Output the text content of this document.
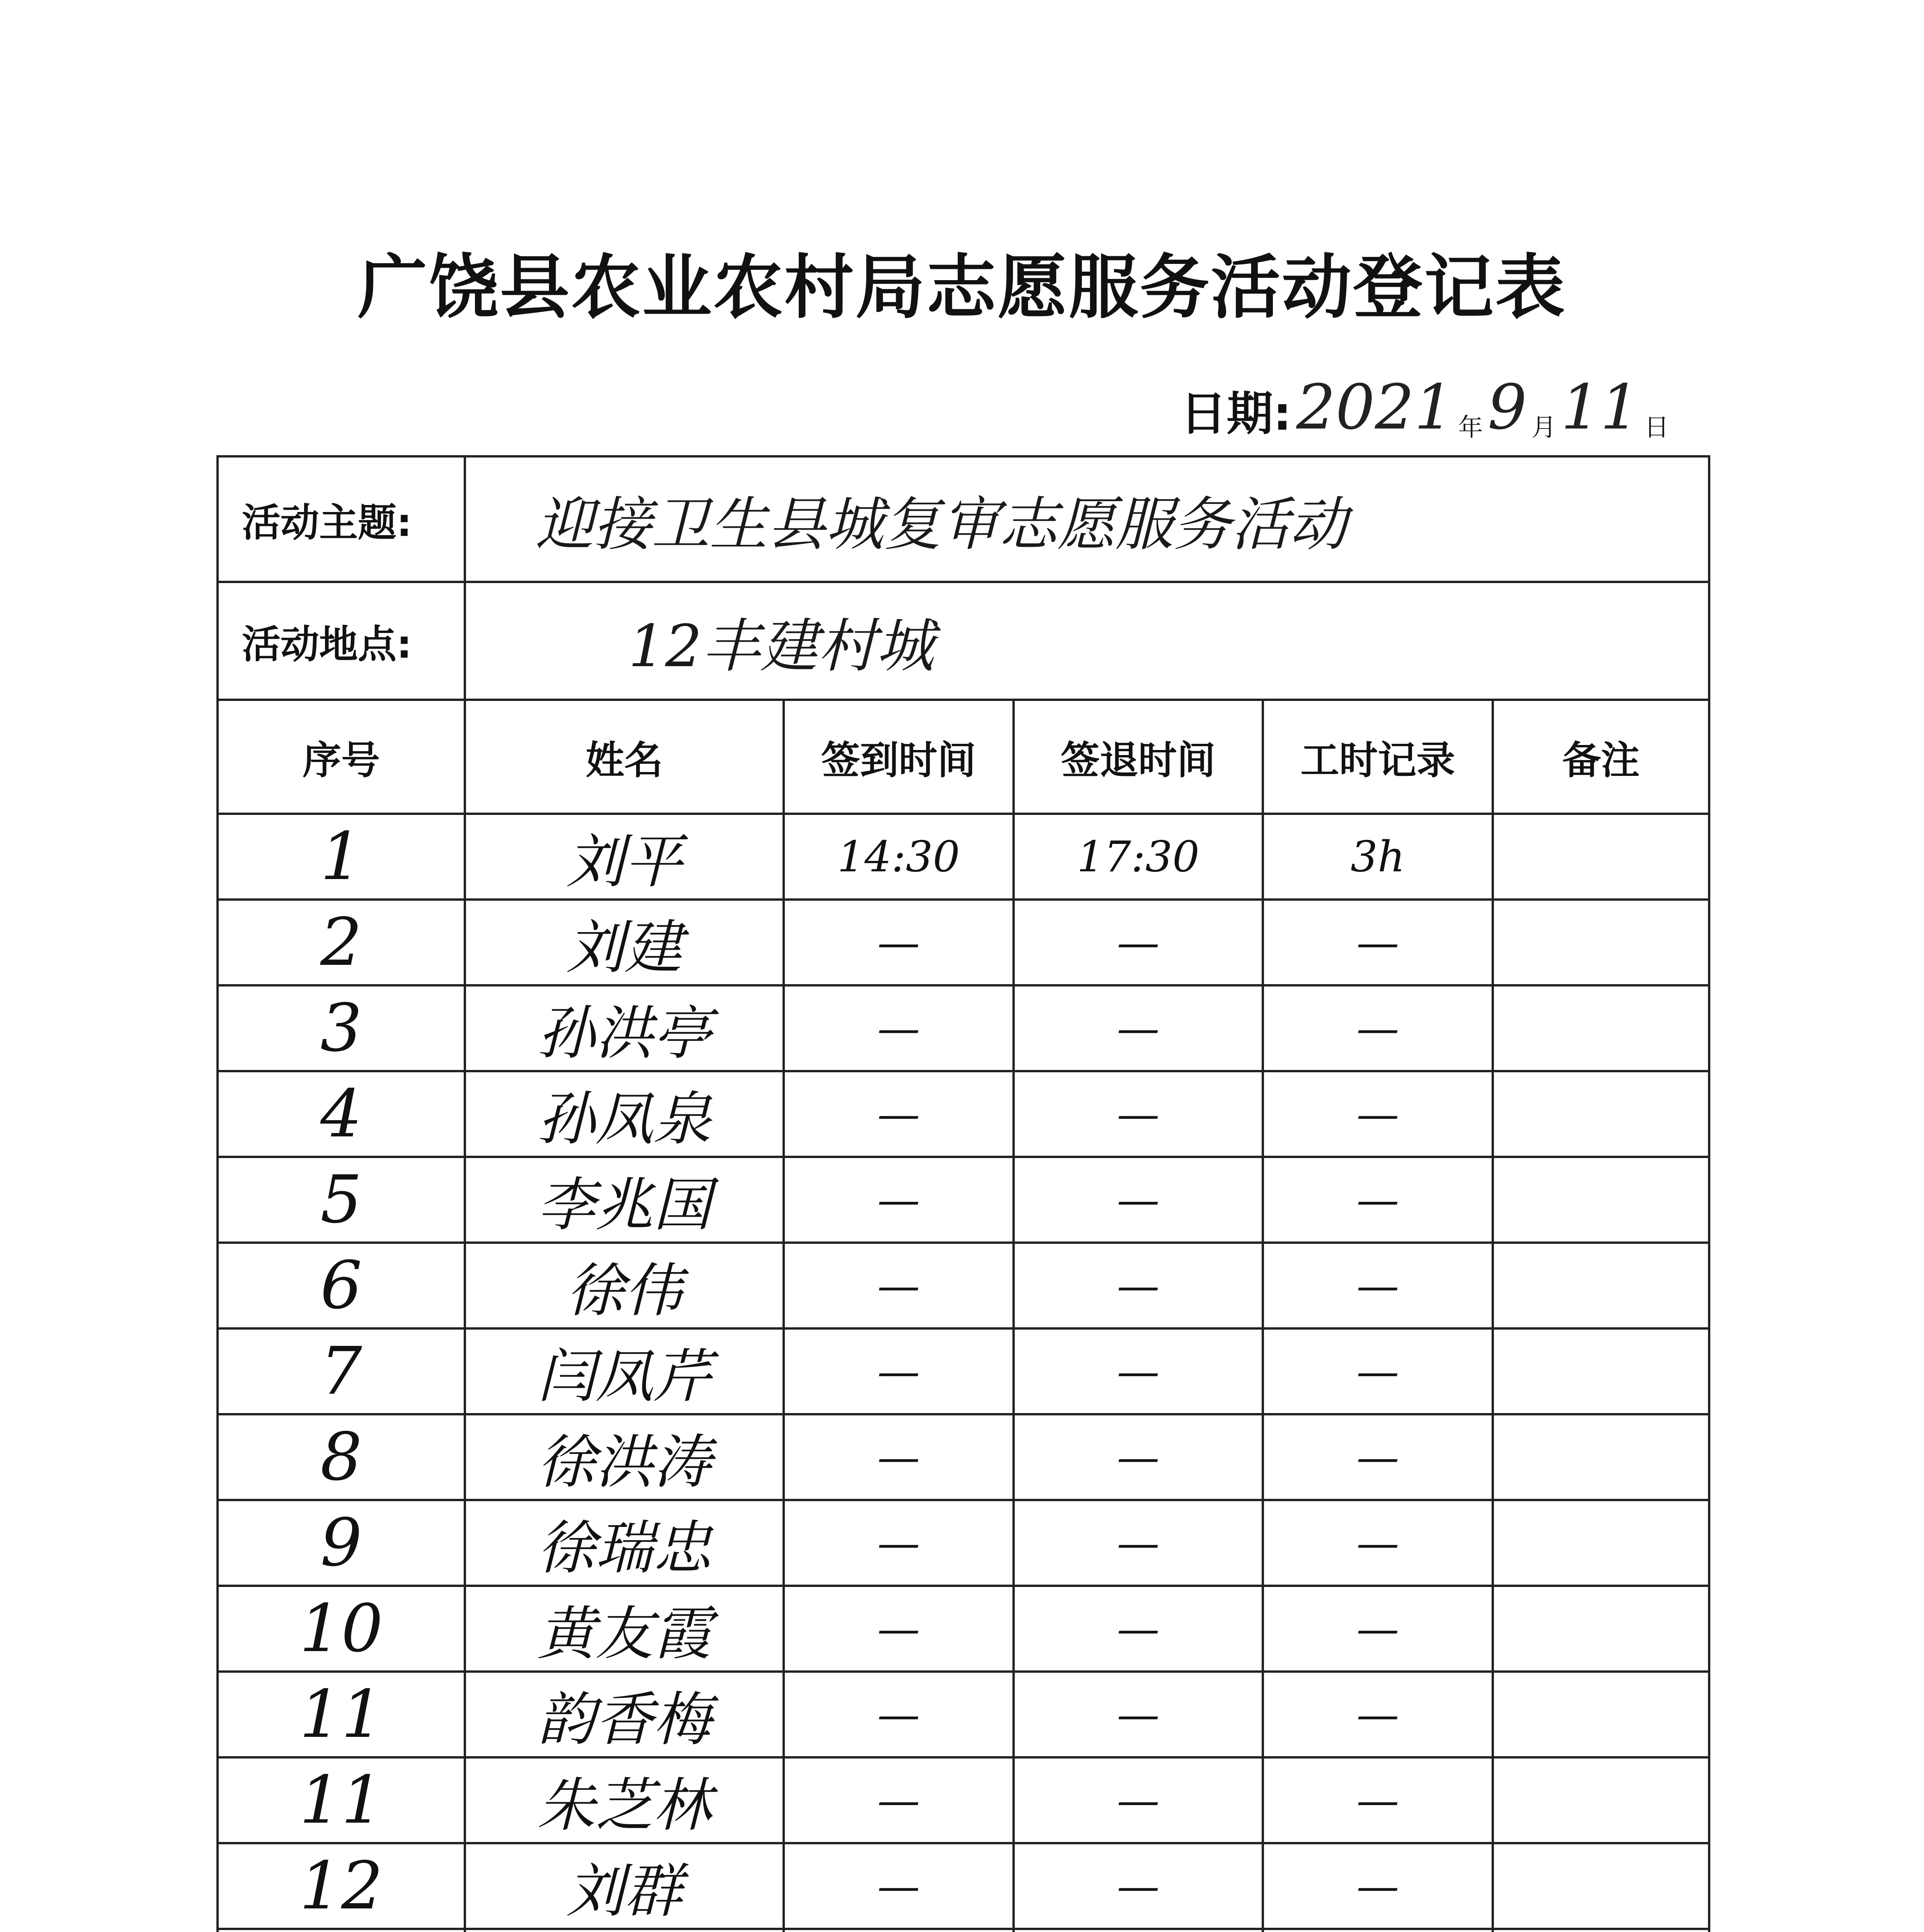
广饶县农业农村局志愿服务活动登记表
日期: 2021 年 9 月 11 日
活动主题:	迎接卫生县城复审志愿服务活动				
活动地点:	12丰建村城				
序号	姓名	签到时间	签退时间	工时记录	备注
1	刘平	14:30	17:30	3h	
2	刘建	—	—	—	
3	孙洪亭	—	—	—	
4	孙凤泉	—	—	—	
5	李兆国	—	—	—	
6	徐伟	—	—	—	
7	闫凤芹	—	—	—	
8	徐洪涛	—	—	—	
9	徐瑞忠	—	—	—	
10	黄友霞	—	—	—	
11	韵香梅	—	—	—	
11	朱芝林	—	—	—	
12	刘群	—	—	—	
